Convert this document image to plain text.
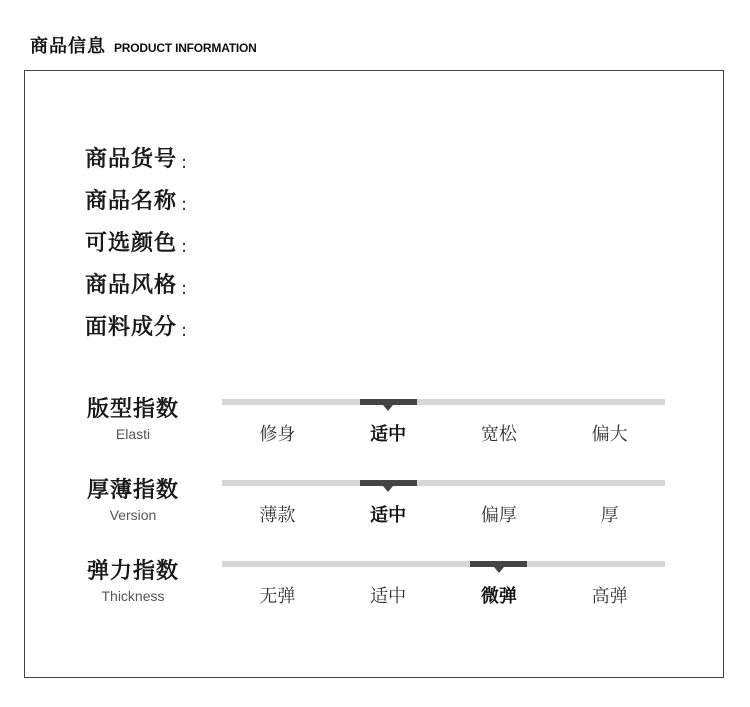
商品信息 PRODUCT INFORMATION
商品货号 :
商品名称 :
可选颜色 :
商品风格 :
面料成分 :
版型指数
Elasti	修身	适中	宽松	偏大
厚薄指数
Version	薄款	适中	偏厚	厚
弹力指数
Thickness	无弹	适中	微弹	高弹
